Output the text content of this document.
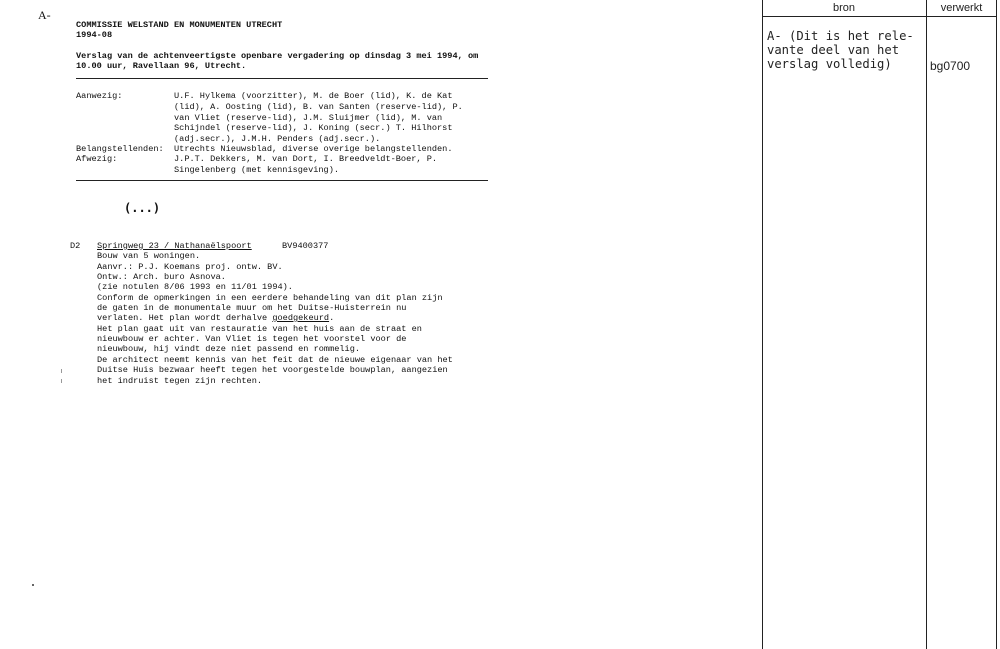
A-
COMMISSIE WELSTAND EN MONUMENTEN UTRECHT
1994-08
Verslag van de achtenveertigste openbare vergadering op dinsdag 3 mei 1994, om
10.00 uur, Ravellaan 96, Utrecht.
Aanwezig:	U.F. Hylkema (voorzitter), M. de Boer (lid), K. de Kat
(lid), A. Oosting (lid), B. van Santen (reserve-lid), P.
van Vliet (reserve-lid), J.M. Sluijmer (lid), M. van
Schijndel (reserve-lid), J. Koning (secr.) T. Hilhorst
(adj.secr.), J.M.H. Penders (adj.secr.).
Belangstellenden: Utrechts Nieuwsblad, diverse overige belangstellenden.
Afwezig:	J.P.T. Dekkers, M. van Dort, I. Breedveldt-Boer, P.
Singelenberg (met kennisgeving).
(...)
D2 Springweg 23 / Nathanaëlspoort	BV9400377
Bouw van 5 woningen.
Aanvr.: P.J. Koemans proj. ontw. BV.
Ontw.: Arch. buro Asnova.
(zie notulen 8/06 1993 en 11/01 1994).
Conform de opmerkingen in een eerdere behandeling van dit plan zijn
de gaten in de monumentale muur om het Duitse-Huisterrein nu
verlaten. Het plan wordt derhalve goedgekeurd.
Het plan gaat uit van restauratie van het huis aan de straat en
nieuwbouw er achter. Van Vliet is tegen het voorstel voor de
nieuwbouw, hij vindt deze niet passend en rommelig.
De architect neemt kennis van het feit dat de nieuwe eigenaar van het
Duitse Huis bezwaar heeft tegen het voorgestelde bouwplan, aangezien
het indruist tegen zijn rechten.
bron	verwerkt
A- (Dit is het rele-
vante deel van het
verslag volledig)	bg0700
